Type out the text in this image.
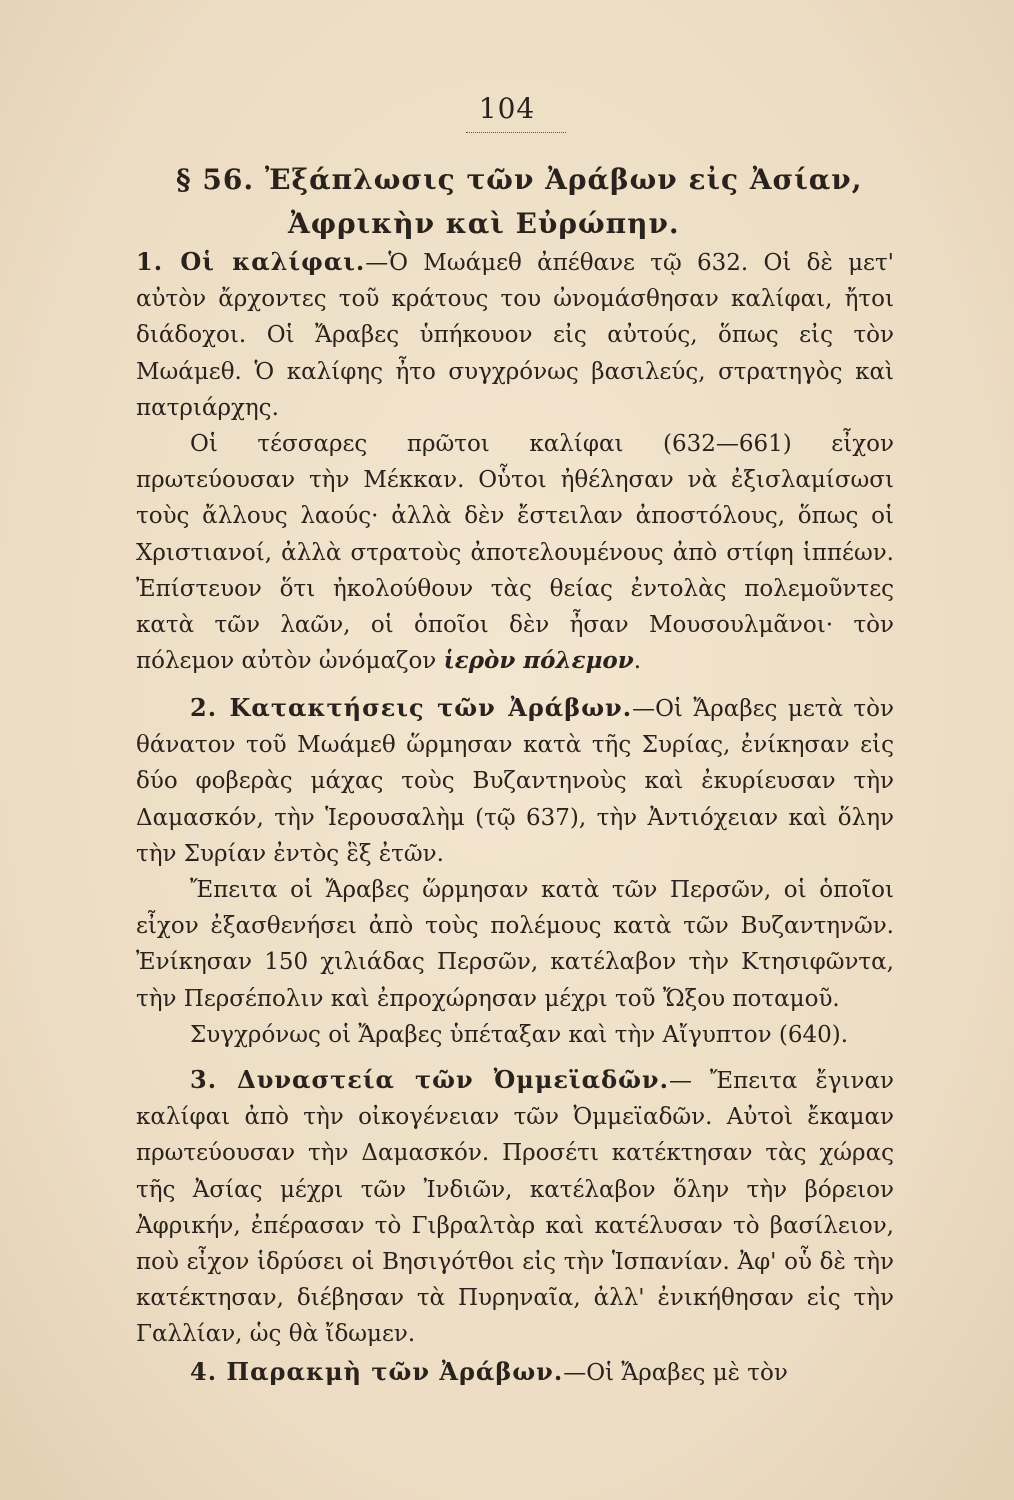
104
§ 56. Ἐξάπλωσις τῶν Ἀράβων εἰς Ἀσίαν,
Ἀφρικὴν καὶ Εὐρώπην.

1. Οἱ καλίφαι.—Ὁ Μωάμεθ ἀπέθανε τῷ 632. Οἱ δὲ μετ' αὐτὸν ἄρχοντες τοῦ κράτους του ὠνομάσθησαν καλίφαι, ἤτοι διάδοχοι. Οἱ Ἄραβες ὑπήκουον εἰς αὐτούς, ὅπως εἰς τὸν Μωάμεθ. Ὁ καλίφης ἦτο συγχρόνως βασιλεύς, στρατηγὸς καὶ πατριάρχης.

Οἱ τέσσαρες πρῶτοι καλίφαι (632—661) εἶχον πρωτεύουσαν τὴν Μέκκαν. Οὗτοι ἠθέλησαν νὰ ἐξισλαμίσωσι τοὺς ἄλλους λαούς· ἀλλὰ δὲν ἔστειλαν ἀποστόλους, ὅπως οἱ Χριστιανοί, ἀλλὰ στρατοὺς ἀποτελουμένους ἀπὸ στίφη ἱππέων. Ἐπίστευον ὅτι ἠκολούθουν τὰς θείας ἐντολὰς πολεμοῦντες κατὰ τῶν λαῶν, οἱ ὁποῖοι δὲν ἦσαν Μουσουλμᾶνοι· τὸν πόλεμον αὐτὸν ὠνόμαζον ἱερὸν πόλεμον.

2. Κατακτήσεις τῶν Ἀράβων.—Οἱ Ἄραβες μετὰ τὸν θάνατον τοῦ Μωάμεθ ὥρμησαν κατὰ τῆς Συρίας, ἐνίκησαν εἰς δύο φοβερὰς μάχας τοὺς Βυζαντηνοὺς καὶ ἐκυρίευσαν τὴν Δαμασκόν, τὴν Ἱερουσαλὴμ (τῷ 637), τὴν Ἀντιόχειαν καὶ ὅλην τὴν Συρίαν ἐντὸς ἓξ ἐτῶν.

Ἔπειτα οἱ Ἄραβες ὥρμησαν κατὰ τῶν Περσῶν, οἱ ὁποῖοι εἶχον ἐξασθενήσει ἀπὸ τοὺς πολέμους κατὰ τῶν Βυζαντηνῶν. Ἐνίκησαν 150 χιλιάδας Περσῶν, κατέλαβον τὴν Κτησιφῶντα, τὴν Περσέπολιν καὶ ἐπροχώρησαν μέχρι τοῦ Ὤξου ποταμοῦ.

Συγχρόνως οἱ Ἄραβες ὑπέταξαν καὶ τὴν Αἴγυπτον (640).

3. Δυναστεία τῶν Ὀμμεϊαδῶν.— Ἔπειτα ἔγιναν καλίφαι ἀπὸ τὴν οἰκογένειαν τῶν Ὀμμεϊαδῶν. Αὐτοὶ ἔκαμαν πρωτεύουσαν τὴν Δαμασκόν. Προσέτι κατέκτησαν τὰς χώρας τῆς Ἀσίας μέχρι τῶν Ἰνδιῶν, κατέλαβον ὅλην τὴν βόρειον Ἀφρικήν, ἐπέρασαν τὸ Γιβραλτὰρ καὶ κατέλυσαν τὸ βασίλειον, ποὺ εἶχον ἱδρύσει οἱ Βησιγότθοι εἰς τὴν Ἱσπανίαν. Ἀφ' οὗ δὲ τὴν κατέκτησαν, διέβησαν τὰ Πυρηναῖα, ἀλλ' ἐνικήθησαν εἰς τὴν Γαλλίαν, ὡς θὰ ἴδωμεν.

4. Παρακμὴ τῶν Ἀράβων.—Οἱ Ἄραβες μὲ τὸν
